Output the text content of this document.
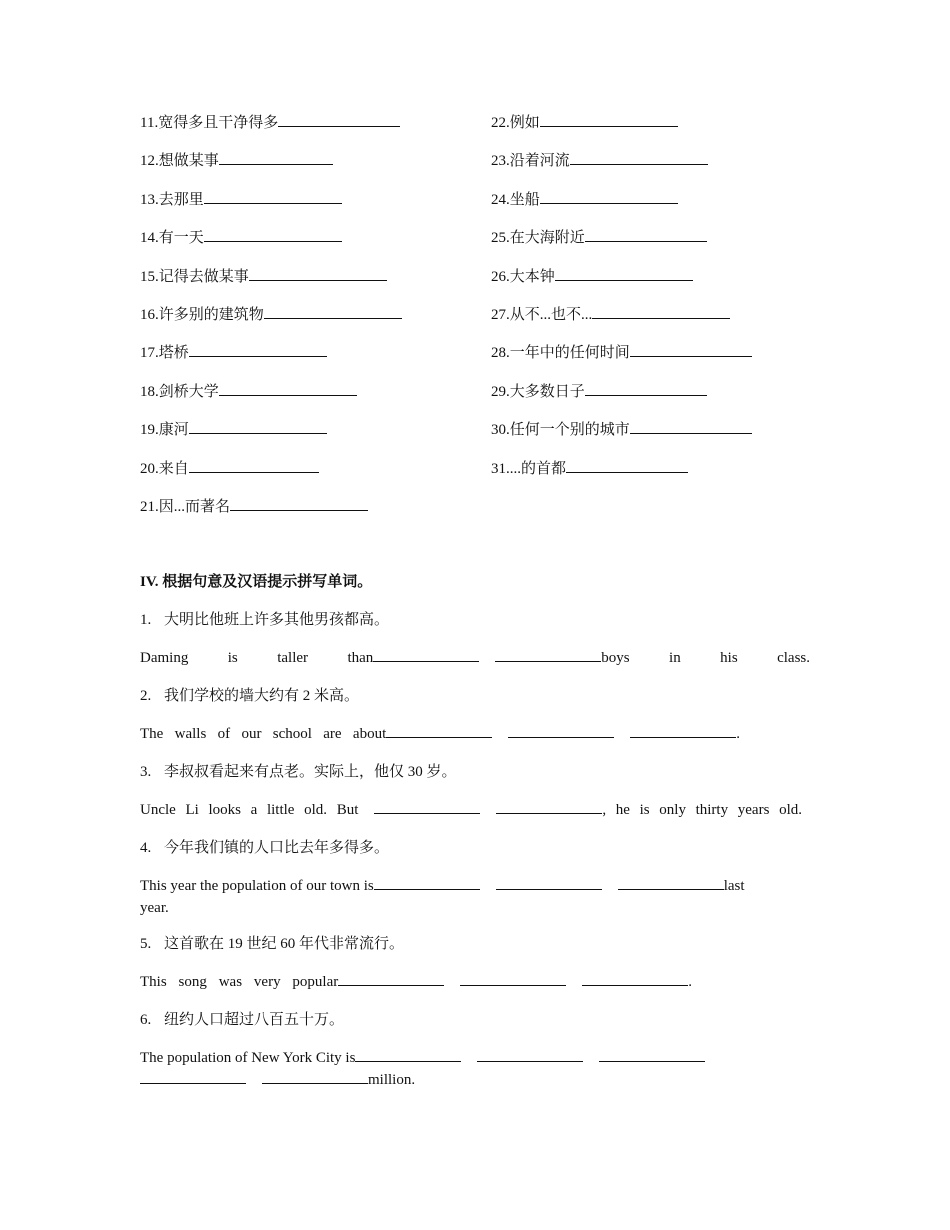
11.宽得多且干净得多
12.想做某事
13.去那里
14.有一天
15.记得去做某事
16.许多别的建筑物
17.塔桥
18.剑桥大学
19.康河
20.来自
21.因...而著名
22.例如
23.沿着河流
24.坐船
25.在大海附近
26.大本钟
27.从不...也不...
28.一年中的任何时间
29.大多数日子
30.任何一个别的城市
31....的首都
IV. 根据句意及汉语提示拼写单词。
1. 大明比他班上许多其他男孩都高。
Daming is taller than	boys in his class.
2. 我们学校的墙大约有 2 米高。
The walls of our school are about	.
3. 李叔叔看起来有点老。实际上，他仅 30 岁。
Uncle Li looks a little old. But	, he is only thirty years old.
4. 今年我们镇的人口比去年多得多。
This year the population of our town is	last
year.
5. 这首歌在 19 世纪 60 年代非常流行。
This song was very popular	.
6. 纽约人口超过八百五十万。
The population of New York City is
million.
